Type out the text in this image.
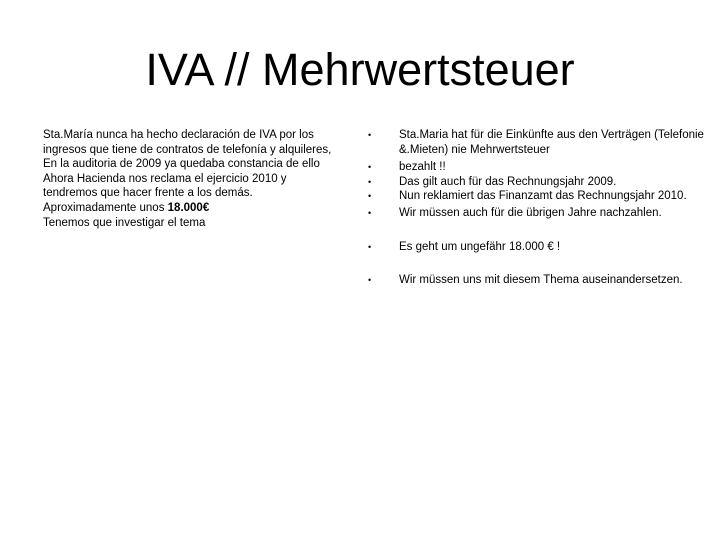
IVA // Mehrwertsteuer
Sta.María nunca ha hecho declaración de IVA por los
ingresos que tiene de contratos de telefonía y alquileres,
En la auditoria de 2009 ya quedaba constancia de ello
Ahora Hacienda nos reclama el ejercicio 2010 y
tendremos que hacer frente a los demás.
Aproximadamente unos 18.000€
Tenemos que investigar el tema
• Sta.Maria hat für die Einkünfte aus den Verträgen (Telefonie &.Mieten) nie Mehrwertsteuer
• bezahlt !!
• Das gilt auch für das Rechnungsjahr 2009.
• Nun reklamiert das Finanzamt das Rechnungsjahr 2010.
• Wir müssen auch für die übrigen Jahre nachzahlen.
• Es geht um ungefähr 18.000 € !
• Wir müssen uns mit diesem Thema auseinandersetzen.
